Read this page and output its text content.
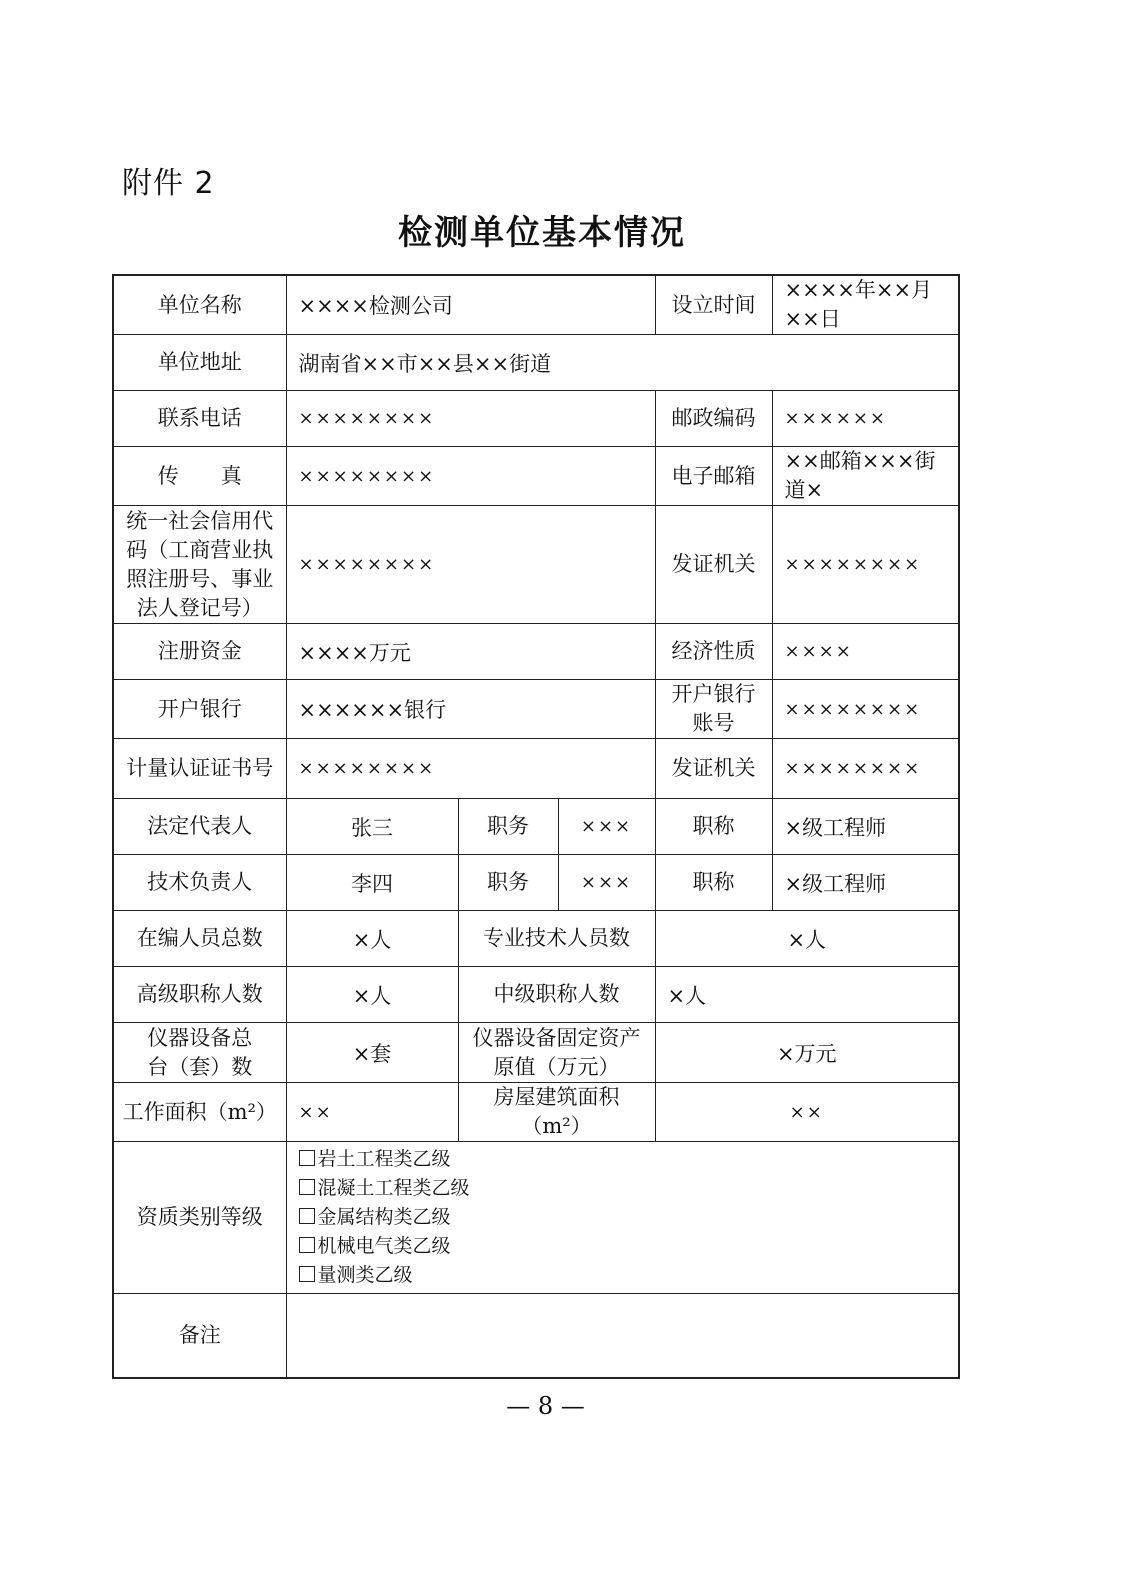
附件 2
检测单位基本情况
单位名称	××××检测公司			设立时间	××××年××月××日
单位地址	湖南省××市××县××街道				
联系电话	××××××××			邮政编码	××××××
传　　真	××××××××			电子邮箱	××邮箱×××街道×
统一社会信用代码（工商营业执照注册号、事业法人登记号）	××××××××			发证机关	××××××××
注册资金	××××万元			经济性质	××××
开户银行	××××××银行			开户银行账号	××××××××
计量认证证书号	××××××××			发证机关	××××××××
法定代表人	张三	职务	×××	职称	×级工程师
技术负责人	李四	职务	×××	职称	×级工程师
在编人员总数	×人	专业技术人员数		×人	
高级职称人数	×人	中级职称人数		×人	
仪器设备总台（套）数	×套	仪器设备固定资产原值（万元）		×万元	
工作面积（m²）	××	房屋建筑面积（m²）		××	
资质类别等级	岩土工程类乙级
混凝土工程类乙级
金属结构类乙级
机械电气类乙级
量测类乙级				

备注					
— 8 —
